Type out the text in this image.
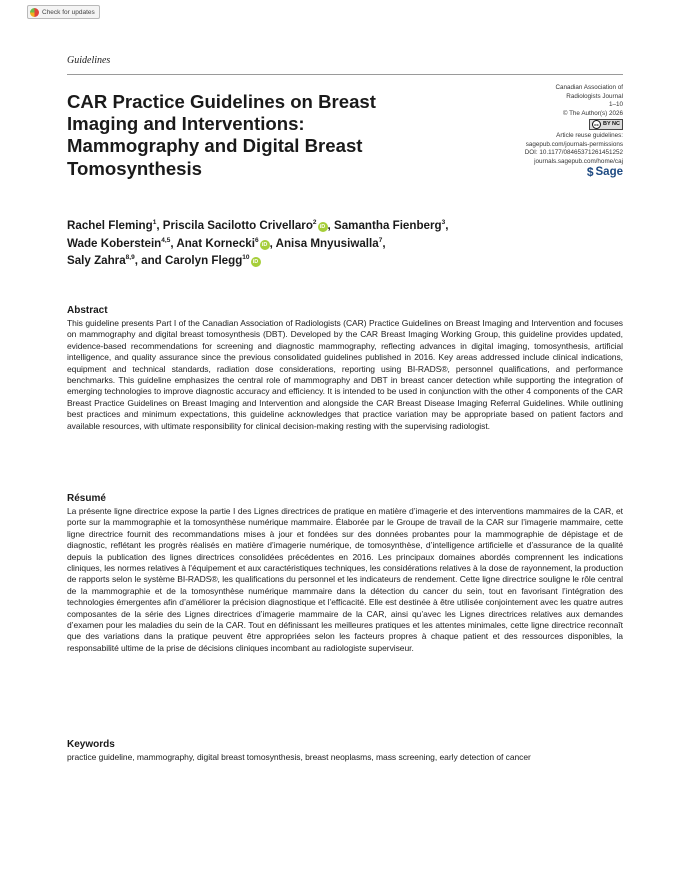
Check for updates
Guidelines
CAR Practice Guidelines on Breast Imaging and Interventions: Mammography and Digital Breast Tomosynthesis
Canadian Association of
Radiologists Journal
1–10
© The Author(s) 2026
cc BY NC
Article reuse guidelines:
sagepub.com/journals-permissions
DOI: 10.1177/08465371261451252
journals.sagepub.com/home/caj
$ Sage
Rachel Fleming$^1$, Priscila Sacilotto Crivellaro$^2$iD , Samantha Fienberg$^3$,
Wade Koberstein$^{4,5}$, Anat Kornecki$^6$iD , Anisa Mnyusiwalla$^7$,
Saly Zahra$^{8,9}$, and Carolyn Flegg$^{10}$iD
Abstract

This guideline presents Part I of the Canadian Association of Radiologists (CAR) Practice Guidelines on Breast Imaging and Intervention and focuses on mammography and digital breast tomosynthesis (DBT). Developed by the CAR Breast Imaging Working Group, this guideline provides updated, evidence-based recommendations for screening and diagnostic mammography, reflecting advances in digital imaging, tomosynthesis, artificial intelligence, and quality assurance since the previous consolidated guidelines published in 2016. Key areas addressed include clinical indications, equipment and technical standards, radiation dose considerations, reporting using BI-RADS®, personnel qualifications, and performance benchmarks. This guideline emphasizes the central role of mammography and DBT in breast cancer detection while supporting the integration of emerging technologies to improve diagnostic accuracy and efficiency. It is intended to be used in conjunction with the other 4 components of the CAR Breast Practice Guidelines on Breast Imaging and Intervention and alongside the CAR Breast Disease Imaging Referral Guidelines. While outlining best practices and minimum expectations, this guideline acknowledges that practice variation may be appropriate based on patient factors and available resources, with ultimate responsibility for clinical decision-making resting with the supervising radiologist.

Résumé

La présente ligne directrice expose la partie I des Lignes directrices de pratique en matière d’imagerie et des interventions mammaires de la CAR, et porte sur la mammographie et la tomosynthèse numérique mammaire. Élaborée par le Groupe de travail de la CAR sur l’imagerie mammaire, cette ligne directrice fournit des recommandations mises à jour et fondées sur des données probantes pour la mammographie de dépistage et de diagnostic, reflétant les progrès réalisés en matière d’imagerie numérique, de tomosynthèse, d’intelligence artificielle et d’assurance de la qualité depuis la publication des lignes directrices consolidées précédentes en 2016. Les principaux domaines abordés comprennent les indications cliniques, les normes relatives à l’équipement et aux caractéristiques techniques, les considérations relatives à la dose de rayonnement, la production de rapports selon le système BI-RADS®, les qualifications du personnel et les indicateurs de rendement. Cette ligne directrice souligne le rôle central de la mammographie et de la tomosynthèse numérique mammaire dans la détection du cancer du sein, tout en favorisant l’intégration des technologies émergentes afin d’améliorer la précision diagnostique et l’efficacité. Elle est destinée à être utilisée conjointement avec les quatre autres composantes de la série des Lignes directrices d’imagerie mammaire de la CAR, ainsi qu’avec les Lignes directrices relatives aux demandes d’examen pour les maladies du sein de la CAR. Tout en définissant les meilleures pratiques et les attentes minimales, cette ligne directrice reconnaît que des variations dans la pratique peuvent être appropriées selon les facteurs propres à chaque patient et des ressources disponibles, la responsabilité ultime de la prise de décisions cliniques incombant au radiologiste superviseur.

Keywords

practice guideline, mammography, digital breast tomosynthesis, breast neoplasms, mass screening, early detection of cancer
